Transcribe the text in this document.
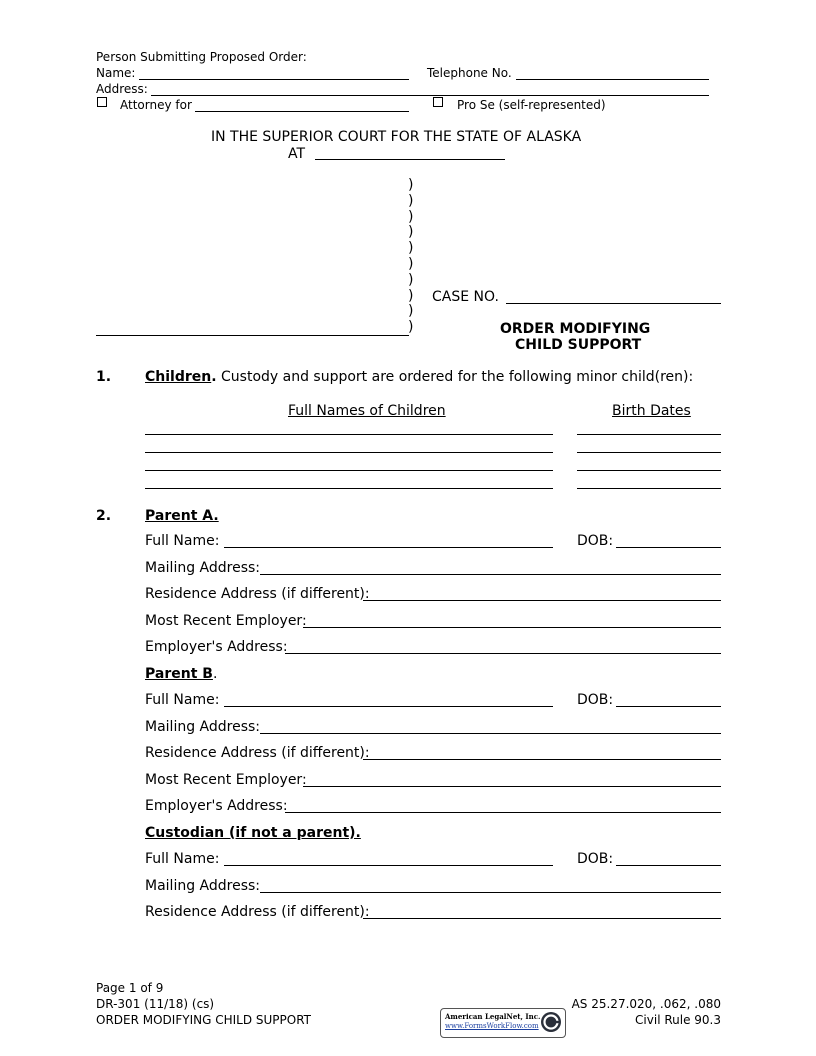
Person Submitting Proposed Order:
Name:	Telephone No.
Address:
Attorney for	Pro Se (self-represented)
IN THE SUPERIOR COURT FOR THE STATE OF ALASKA
AT
)
)
)
)
)
)
)
)
)
)
CASE NO.
ORDER MODIFYING
CHILD SUPPORT
1. Children. Custody and support are ordered for the following minor child(ren):
Full Names of Children	Birth Dates
2. Parent A.
Full Name:	DOB:
Mailing Address:
Residence Address (if different):
Most Recent Employer:
Employer's Address:
Parent B.
Full Name:	DOB:
Mailing Address:
Residence Address (if different):
Most Recent Employer:
Employer's Address:
Custodian (if not a parent).
Full Name:	DOB:
Mailing Address:
Residence Address (if different):
Page 1 of 9
DR-301 (11/18) (cs)
ORDER MODIFYING CHILD SUPPORT	American LegalNet, Inc.
www.FormsWorkFlow.com
AS 25.27.020, .062, .080
Civil Rule 90.3
